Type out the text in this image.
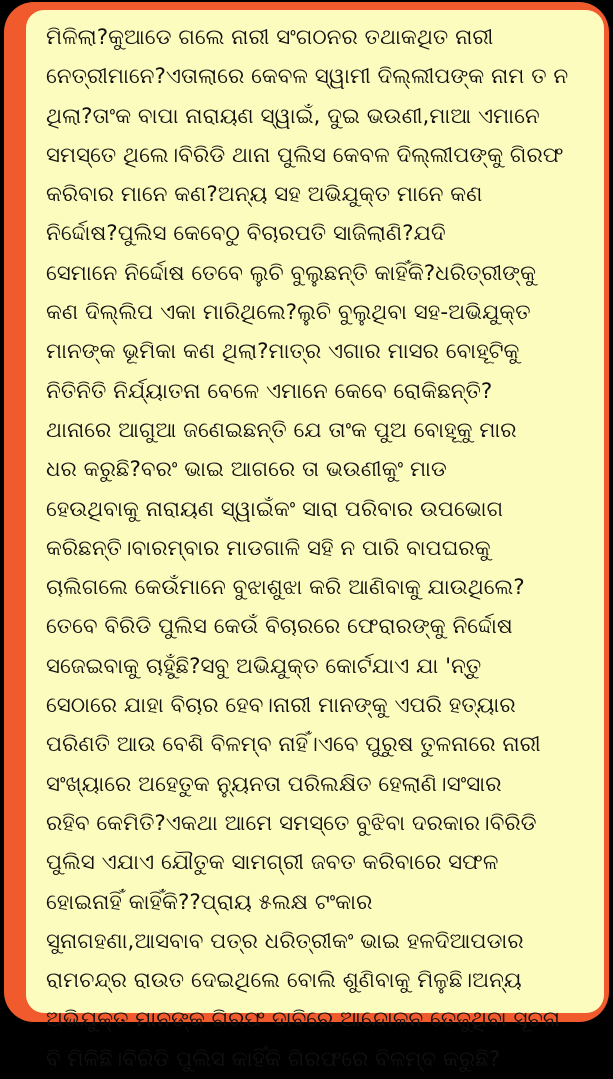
ମିଳିଲା?କୁଆଡେ ଗଲେ ନାରୀ ସଂଗଠନର ତଥାକଥିତ ନାରୀ
ନେତ୍ରୀମାନେ?ଏତାଲାରେ କେବଳ ସ୍ୱାମୀ ଦିଲ୍ଲୀପଙ୍କ ନାମ ତ ନ
ଥିଲା?ତାଂକ ବାପା ନାରାୟଣ ସ୍ୱାଇଁ, ଦୁଇ ଭଉଣୀ,ମାଆ ଏମାନେ
ସମସ୍ତେ ଥିଲେ।ବିରିଡି ଥାନା ପୁଲିସ କେବଳ ଦିଲ୍ଲୀପଙ୍କୁ ଗିରଫ
କରିବାର ମାନେ କଣ?ଅନ୍ୟ ସହ ଅଭିଯୁକ୍ତ ମାନେ କଣ
ନିର୍ଦ୍ଦୋଷ?ପୁଲିସ କେବେଠୁ ବିଚାରପତି ସାଜିଲାଣି?ଯଦି
ସେମାନେ ନିର୍ଦ୍ଦୋଷ ତେବେ ଲୁଚି ବୁଲୁଛନ୍ତି କାହିଁକି?ଧରିତ୍ରୀଙ୍କୁ
କଣ ଦିଲ୍ଲିପ ଏକା ମାରିଥିଲେ?ଲୁଚି ବୁଲୁଥିବା ସହ-ଅଭିଯୁକ୍ତ
ମାନଙ୍କ ଭୂମିକା କଣ ଥିଲା?ମାତ୍ର ଏଗାର ମାସର ବୋହୂଟିକୁ
ନିତିନିତି ନିର୍ଯ୍ୟାତନା ବେଳେ ଏମାନେ କେବେ ରୋକିଛନ୍ତି?
ଥାନାରେ ଆଗୁଆ ଜଣେଇଛନ୍ତି ଯେ ତାଂକ ପୁଅ ବୋହୂକୁ ମାର
ଧର କରୁଛି?ବରଂ ଭାଇ ଆଗରେ ତା ଭଉଣୀକୁଂ ମାଡ
ହେଉଥିବାକୁ ନାରାୟଣ ସ୍ୱାଇଁକଂ ସାରା ପରିବାର ଉପଭୋଗ
କରିଛନ୍ତି।ବାରମ୍ବାର ମାଡଗାଳି ସହି ନ ପାରି ବାପଘରକୁ
ଚାଲିଗଲେ କେଉଁମାନେ ବୁଝାଶୁଝା କରି ଆଣିବାକୁ ଯାଉଥିଲେ?
ତେବେ ବିରିଡି ପୁଲିସ କେଉଁ ବିଚାରରେ ଫେରାରଙ୍କୁ ନିର୍ଦ୍ଦୋଷ
ସଜେଇବାକୁ ଚାହୁଁଛି?ସବୁ ଅଭିଯୁକ୍ତ କୋର୍ଟଯାଏ ଯା 'ନ୍ତୁ
ସେଠାରେ ଯାହା ବିଚାର ହେବ।ନାରୀ ମାନଙ୍କୁ ଏପରି ହତ୍ୟାର
ପରିଣତି ଆଉ ବେଶି ବିଳମ୍ବ ନାହିଁ।ଏବେ ପୁରୁଷ ତୁଳନାରେ ନାରୀ
ସଂଖ୍ୟାରେ ଅହେତୁକ ନ୍ୟୁନତା ପରିଲକ୍ଷିତ ହେଲାଣି।ସଂସାର
ରହିବ କେମିତି?ଏକଥା ଆମେ ସମସ୍ତେ ବୁଝିବା ଦରକାର।ବିରିଡି
ପୁଲିସ ଏଯାଏ ଯୌତୁକ ସାମଗ୍ରୀ ଜବତ କରିବାରେ ସଫଳ
ହୋଇନାହିଁ କାହିଁକି??ପ୍ରାୟ ୫ଲକ୍ଷ ଟଂକାର
ସୁନାଗହଣା,ଆସବାବ ପତ୍ର ଧରିତ୍ରୀକଂ ଭାଇ ହଳଦିଆପଡାର
ରାମଚନ୍ଦ୍ର ରାଉତ ଦେଇଥିଲେ ବୋଲି ଶୁଣିବାକୁ ମିଳୁଛି।ଅନ୍ୟ
ଅଭିଯୁକ୍ତ ମାନଙ୍କ ଗିରଫ ଦାବିରେ ଆନ୍ଦୋଳନ ତେଜୁଥିବା ସୂଚନା
ବି ମିଳିଛି।ବିରିଡି ପୁଲିସ କାହିଁକି ଗିରଫରେ ବିଳମ୍ବ କରୁଛି?
